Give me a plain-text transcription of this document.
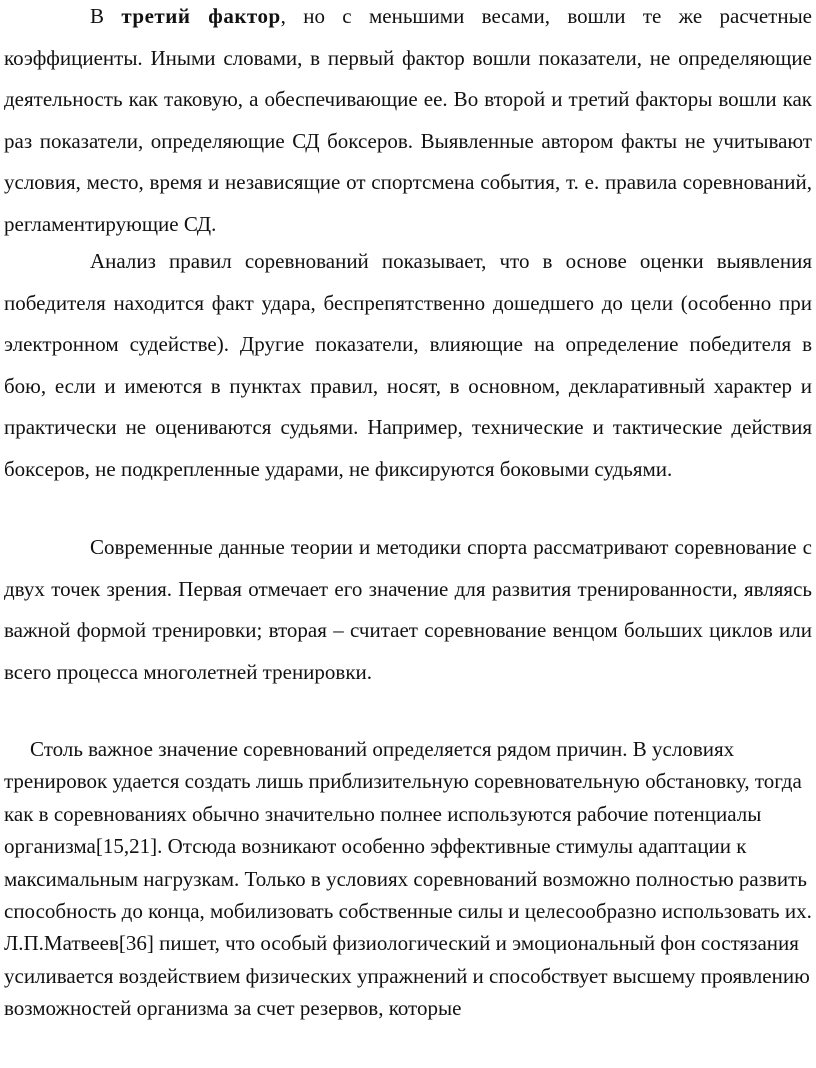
В третий фактор, но с меньшими весами, вошли те же расчетные коэффициенты. Иными словами, в первый фактор вошли показатели, не определяющие деятельность как таковую, а обеспечивающие ее. Во второй и третий факторы вошли как раз показатели, определяющие СД боксеров. Выявленные автором факты не учитывают условия, место, время и независящие от спортсмена события, т. е. правила соревнований, регламентирующие СД.

Анализ правил соревнований показывает, что в основе оценки выявления победителя находится факт удара, беспрепятственно дошедшего до цели (особенно при электронном судействе). Другие показатели, влияющие на определение победителя в бою, если и имеются в пунктах правил, носят, в основном, декларативный характер и практически не оцениваются судьями. Например, технические и тактические действия боксеров, не подкрепленные ударами, не фиксируются боковыми судьями.

Современные данные теории и методики спорта рассматривают соревнование с двух точек зрения. Первая отмечает его значение для развития тренированности, являясь важной формой тренировки; вторая – считает соревнование венцом больших циклов или всего процесса многолетней тренировки.

Столь важное значение соревнований определяется рядом причин. В условиях тренировок удается создать лишь приблизительную соревновательную обстановку, тогда как в соревнованиях обычно значительно полнее используются рабочие потенциалы организма[15,21]. Отсюда возникают особенно эффективные стимулы адаптации к максимальным нагрузкам. Только в условиях соревнований возможно полностью развить способность до конца, мобилизовать собственные силы и целесообразно использовать их. Л.П.Матвеев[36] пишет, что особый физиологический и эмоциональный фон состязания усиливается воздействием физических упражнений и способствует высшему проявлению возможностей организма за счет резервов, которые
